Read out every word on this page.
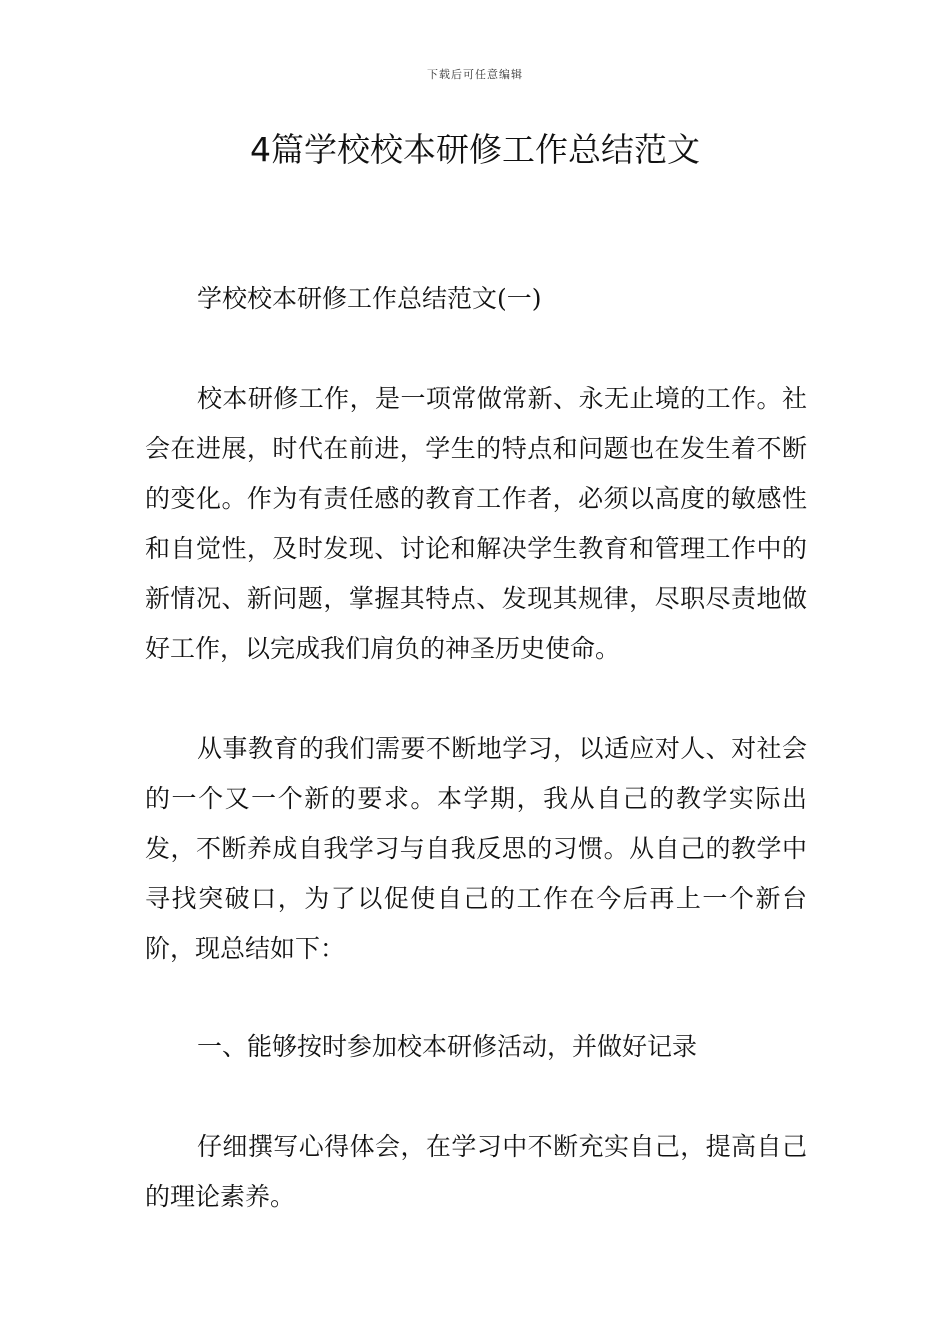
下载后可任意编辑
4篇学校校本研修工作总结范文

学校校本研修工作总结范文(一)

校本研修工作，是一项常做常新、永无止境的工作。社会在进展，时代在前进，学生的特点和问题也在发生着不断的变化。作为有责任感的教育工作者，必须以高度的敏感性和自觉性，及时发现、讨论和解决学生教育和管理工作中的新情况、新问题，掌握其特点、发现其规律，尽职尽责地做好工作，以完成我们肩负的神圣历史使命。

从事教育的我们需要不断地学习，以适应对人、对社会的一个又一个新的要求。本学期，我从自己的教学实际出发，不断养成自我学习与自我反思的习惯。从自己的教学中寻找突破口，为了以促使自己的工作在今后再上一个新台阶，现总结如下：

一、能够按时参加校本研修活动，并做好记录

仔细撰写心得体会，在学习中不断充实自己，提高自己的理论素养。
